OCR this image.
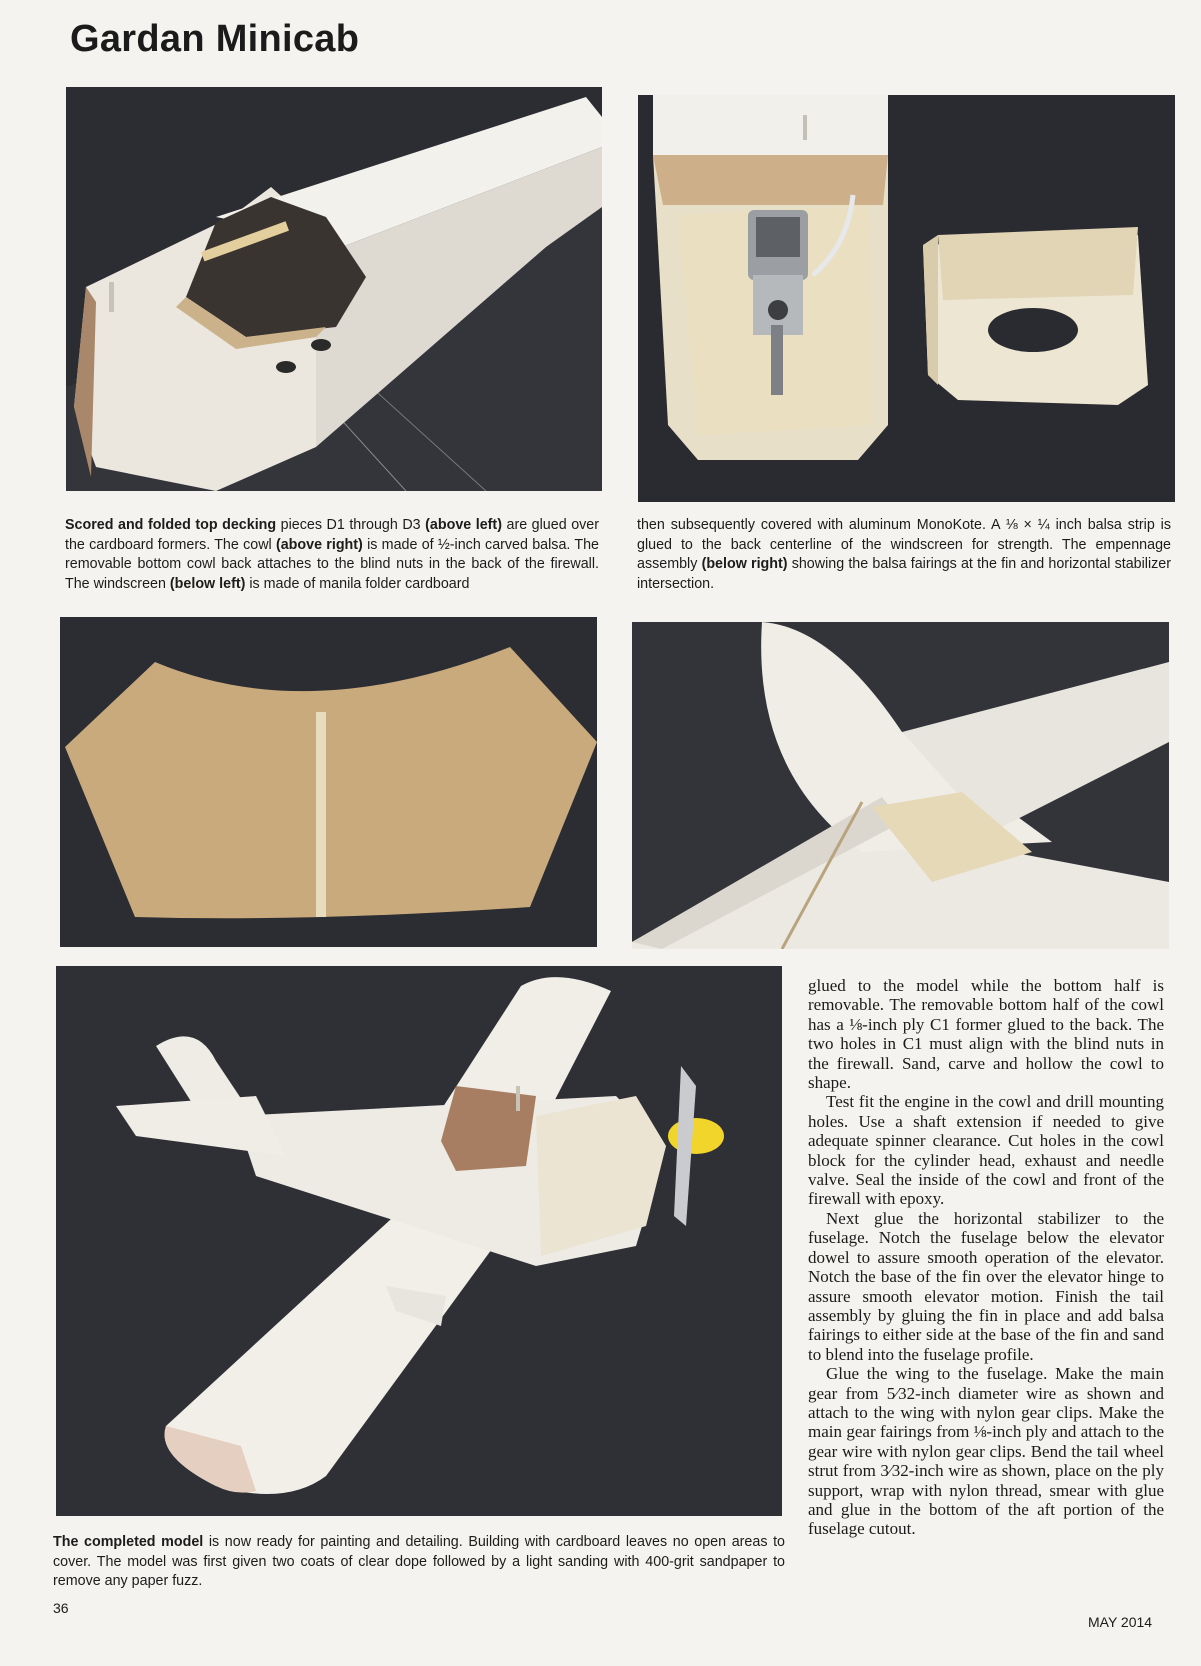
Gardan Minicab

Scored and folded top decking pieces D1 through D3 (above left) are glued over the cardboard formers. The cowl (above right) is made of ½-inch carved balsa. The removable bottom cowl back attaches to the blind nuts in the back of the firewall. The windscreen (below left) is made of manila folder cardboard

then subsequently covered with aluminum MonoKote. A ⅛ × ¼ inch balsa strip is glued to the back centerline of the windscreen for strength. The empennage assembly (below right) showing the balsa fairings at the fin and horizontal stabilizer intersection.

The completed model is now ready for painting and detailing. Building with cardboard leaves no open areas to cover. The model was first given two coats of clear dope followed by a light sanding with 400-grit sandpaper to remove any paper fuzz.

glued to the model while the bottom half is removable. The removable bottom half of the cowl has a ⅛-inch ply C1 former glued to the back. The two holes in C1 must align with the blind nuts in the firewall. Sand, carve and hollow the cowl to shape.

Test fit the engine in the cowl and drill mounting holes. Use a shaft extension if needed to give adequate spinner clearance. Cut holes in the cowl block for the cylinder head, exhaust and needle valve. Seal the inside of the cowl and front of the firewall with epoxy.

Next glue the horizontal stabilizer to the fuselage. Notch the fuselage below the elevator dowel to assure smooth operation of the elevator. Notch the base of the fin over the elevator hinge to assure smooth elevator motion. Finish the tail assembly by gluing the fin in place and add balsa fairings to either side at the base of the fin and sand to blend into the fuselage profile.

Glue the wing to the fuselage. Make the main gear from 5⁄32-inch diameter wire as shown and attach to the wing with nylon gear clips. Make the main gear fairings from ⅛-inch ply and attach to the gear wire with nylon gear clips. Bend the tail wheel strut from 3⁄32-inch wire as shown, place on the ply support, wrap with nylon thread, smear with glue and glue in the bottom of the aft portion of the fuselage cutout.

36
MAY 2014
